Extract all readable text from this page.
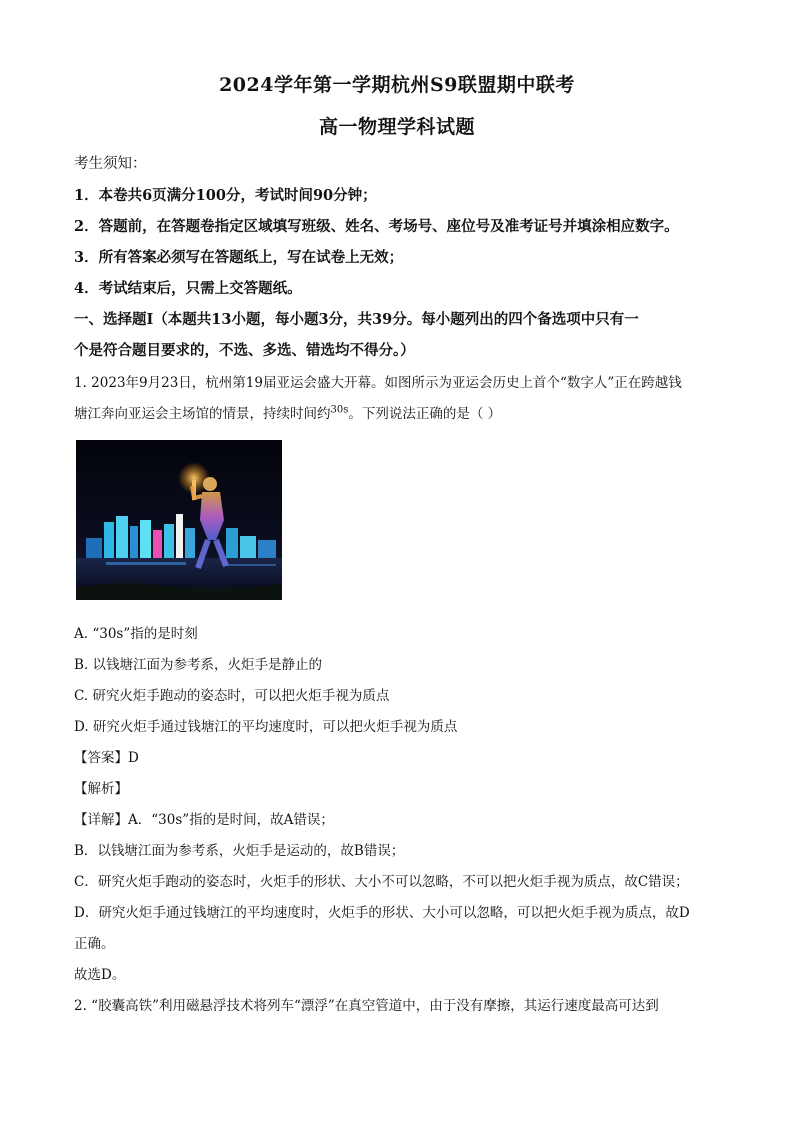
2024学年第一学期杭州S9联盟期中联考
高一物理学科试题
考生须知：
1．本卷共6页满分100分，考试时间90分钟；
2．答题前，在答题卷指定区域填写班级、姓名、考场号、座位号及准考证号并填涂相应数字。
3．所有答案必须写在答题纸上，写在试卷上无效；
4．考试结束后，只需上交答题纸。
一、选择题Ⅰ（本题共13小题，每小题3分，共39分。每小题列出的四个备选项中只有一
个是符合题目要求的，不选、多选、错选均不得分。）
1. 2023年9月23日，杭州第19届亚运会盛大开幕。如图所示为亚运会历史上首个“数字人”正在跨越钱
塘江奔向亚运会主场馆的情景，持续时间约$^{30s}$。下列说法正确的是（ ）
A. “30s”指的是时刻
B. 以钱塘江面为参考系，火炬手是静止的
C. 研究火炬手跑动的姿态时，可以把火炬手视为质点
D. 研究火炬手通过钱塘江的平均速度时，可以把火炬手视为质点
【答案】D
【解析】
【详解】A．“30s”指的是时间，故A错误；
B．以钱塘江面为参考系，火炬手是运动的，故B错误；
C．研究火炬手跑动的姿态时，火炬手的形状、大小不可以忽略，不可以把火炬手视为质点，故C错误；
D．研究火炬手通过钱塘江的平均速度时，火炬手的形状、大小可以忽略，可以把火炬手视为质点，故D
正确。
故选D。
2. “胶囊高铁”利用磁悬浮技术将列车“漂浮”在真空管道中，由于没有摩擦，其运行速度最高可达到
